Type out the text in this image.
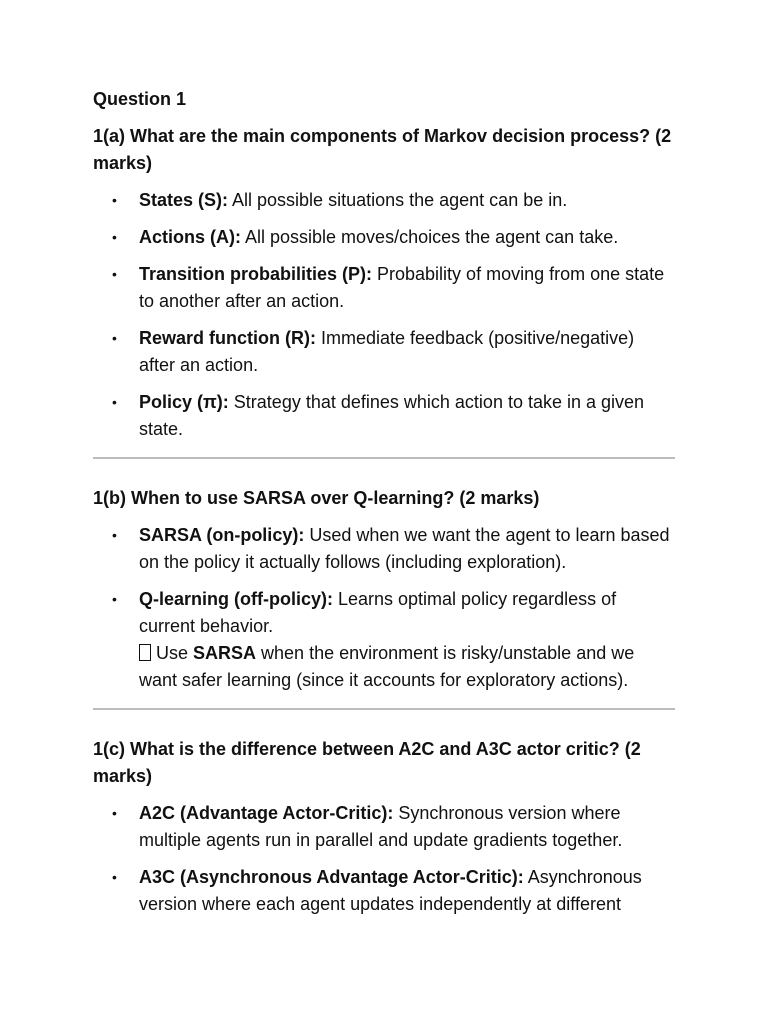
Question 1
1(a) What are the main components of Markov decision process? (2 marks)
• States (S): All possible situations the agent can be in.
• Actions (A): All possible moves/choices the agent can take.
• Transition probabilities (P): Probability of moving from one state to another after an action.
• Reward function (R): Immediate feedback (positive/negative) after an action.
• Policy (π): Strategy that defines which action to take in a given state.
1(b) When to use SARSA over Q-learning? (2 marks)
• SARSA (on-policy): Used when we want the agent to learn based on the policy it actually follows (including exploration).
• Q-learning (off-policy): Learns optimal policy regardless of current behavior.
Use SARSA when the environment is risky/unstable and we want safer learning (since it accounts for exploratory actions).
1(c) What is the difference between A2C and A3C actor critic? (2 marks)
• A2C (Advantage Actor-Critic): Synchronous version where multiple agents run in parallel and update gradients together.
• A3C (Asynchronous Advantage Actor-Critic): Asynchronous version where each agent updates independently at different
